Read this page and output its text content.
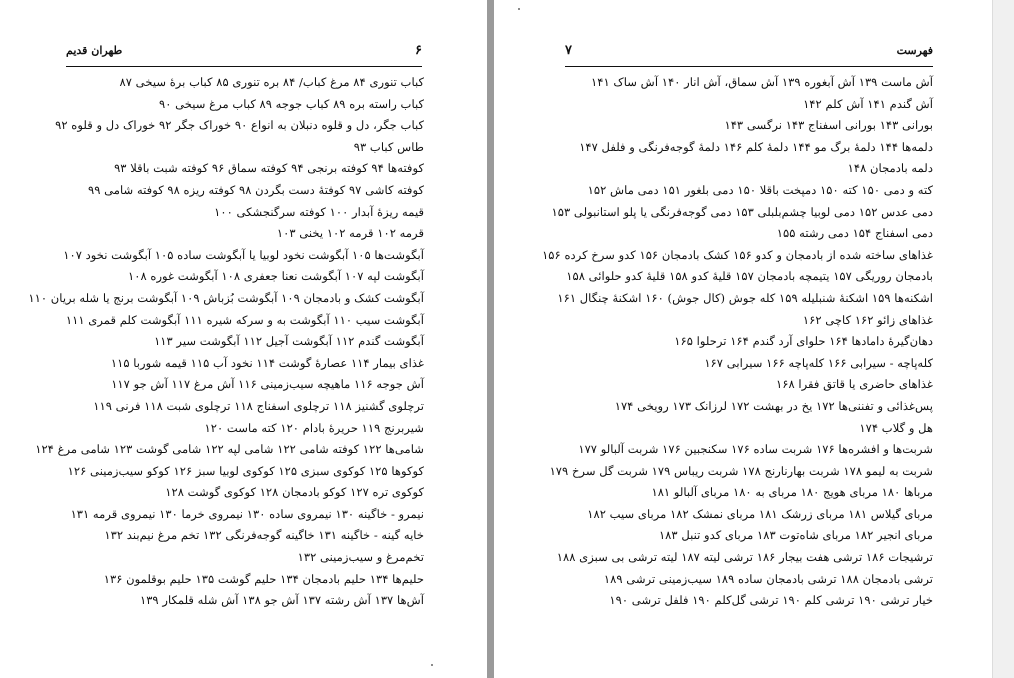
طهران قدیم	۶
کباب تنوری ۸۴ مرغ کباب/ ۸۴ بره تنوری ۸۵ کباب برهٔ سیخی ۸۷
کباب راسته بره ۸۹ کباب جوجه ۸۹ کباب مرغ سیخی ۹۰
کباب جگر، دل و قلوه دنبلان به انواع ۹۰ خوراک جگر ۹۲ خوراک دل و قلوه ۹۲
طاس کباب ۹۳
کوفته‌ها ۹۴ کوفته برنجی ۹۴ کوفته سماق ۹۶ کوفته شبت باقلا ۹۳
کوفته کاشی ۹۷ کوفتهٔ دست بگردن ۹۸ کوفته ریزه ۹۸ کوفته شامی ۹۹
قیمه ریزهٔ آبدار ۱۰۰ کوفته سرگنجشکی ۱۰۰
قرمه ۱۰۲ قرمه ۱۰۲ یخنی ۱۰۳
آبگوشت‌ها ۱۰۵ آبگوشت نخود لوبیا یا آبگوشت ساده ۱۰۵ آبگوشت نخود ۱۰۷
آبگوشت لپه ۱۰۷ آبگوشت نعنا جعفری ۱۰۸ آبگوشت غوره ۱۰۸
آبگوشت کشک و بادمجان ۱۰۹ آبگوشت بُزباش ۱۰۹ آبگوشت برنج یا شله بریان ۱۱۰
آبگوشت سیب ۱۱۰ آبگوشت به و سرکه شیره ۱۱۱ آبگوشت کلم قمری ۱۱۱
آبگوشت گندم ۱۱۲ آبگوشت آجیل ۱۱۲ آبگوشت سیر ۱۱۳
غذای بیمار ۱۱۴ عصارهٔ گوشت ۱۱۴ نخود آب ۱۱۵ قیمه شوربا ۱۱۵
آش جوجه ۱۱۶ ماهیچه سیب‌زمینی ۱۱۶ آش مرغ ۱۱۷ آش جو ۱۱۷
ترچلوی گشنیز ۱۱۸ ترچلوی اسفناج ۱۱۸ ترچلوی شبت ۱۱۸ فرنی ۱۱۹
شیربرنج ۱۱۹ حریرهٔ بادام ۱۲۰ کته ماست ۱۲۰
شامی‌ها ۱۲۲ کوفته شامی ۱۲۲ شامی لپه ۱۲۲ شامی گوشت ۱۲۳ شامی مرغ ۱۲۴
کوکوها ۱۲۵ کوکوی سبزی ۱۲۵ کوکوی لوبیا سبز ۱۲۶ کوکو سیب‌زمینی ۱۲۶
کوکوی تره ۱۲۷ کوکو بادمجان ۱۲۸ کوکوی گوشت ۱۲۸
نیمرو - خاگینه ۱۳۰ نیمروی ساده ۱۳۰ نیمروی خرما ۱۳۰ نیمروی قرمه ۱۳۱
خایه گینه - خاگینه ۱۳۱ خاگینه گوجه‌فرنگی ۱۳۲ تخم مرغ نیم‌بند ۱۳۲
تخم‌مرغ و سیب‌زمینی ۱۳۲
حلیم‌ها ۱۳۴ حلیم بادمجان ۱۳۴ حلیم گوشت ۱۳۵ حلیم بوقلمون ۱۳۶
آش‌ها ۱۳۷ آش رشته ۱۳۷ آش جو ۱۳۸ آش شله قلمکار ۱۳۹
۷	فهرست
آش ماست ۱۳۹ آش آبغوره ۱۳۹ آش سماق، آش انار ۱۴۰ آش ساک ۱۴۱
آش گندم ۱۴۱ آش کلم ۱۴۲
بورانی ۱۴۳ بورانی اسفناج ۱۴۳ نرگسی ۱۴۳
دلمه‌ها ۱۴۴ دلمهٔ برگ مو ۱۴۴ دلمهٔ کلم ۱۴۶ دلمهٔ گوجه‌فرنگی و فلفل ۱۴۷
دلمه بادمجان ۱۴۸
کته و دمی ۱۵۰ کته ۱۵۰ دمپخت باقلا ۱۵۰ دمی بلغور ۱۵۱ دمی ماش ۱۵۲
دمی عدس ۱۵۲ دمی لوبیا چشم‌بلبلی ۱۵۳ دمی گوجه‌فرنگی یا پلو استانبولی ۱۵۳
دمی اسفناج ۱۵۴ دمی رشته ۱۵۵
غذاهای ساخته شده از بادمجان و کدو ۱۵۶ کشک بادمجان ۱۵۶ کدو سرخ کرده ۱۵۶
بادمجان روریگی ۱۵۷ یتیمچه بادمجان ۱۵۷ قلیهٔ کدو ۱۵۸ قلیهٔ کدو حلوائی ۱۵۸
اشکنه‌ها ۱۵۹ اشکنهٔ شنبلیله ۱۵۹ کله جوش (کال جوش) ۱۶۰ اشکنهٔ چنگال ۱۶۱
غذاهای زائو ۱۶۲ کاچی ۱۶۲
دهان‌گیرهٔ دامادها ۱۶۴ حلوای آرد گندم ۱۶۴ ترحلوا ۱۶۵
کله‌پاچه - سیرابی ۱۶۶ کله‌پاچه ۱۶۶ سیرابی ۱۶۷
غذاهای حاضری یا قاتق فقرا ۱۶۸
پس‌غذائی و تفننی‌ها ۱۷۲ یخ در بهشت ۱۷۲ لرزانک ۱۷۳ رویخی ۱۷۴
هل و گلاب ۱۷۴
شربت‌ها و افشره‌ها ۱۷۶ شربت ساده ۱۷۶ سکنجبین ۱۷۶ شربت آلبالو ۱۷۷
شربت به لیمو ۱۷۸ شربت بهارنارنج ۱۷۸ شربت ریباس ۱۷۹ شربت گل سرخ ۱۷۹
مرباها ۱۸۰ مربای هویج ۱۸۰ مربای به ۱۸۰ مربای آلبالو ۱۸۱
مربای گیلاس ۱۸۱ مربای زرشک ۱۸۱ مربای نمشک ۱۸۲ مربای سیب ۱۸۲
مربای انجیر ۱۸۲ مربای شاه‌توت ۱۸۳ مربای کدو تنبل ۱۸۳
ترشیجات ۱۸۶ ترشی هفت بیجار ۱۸۶ ترشی لیته ۱۸۷ لیته ترشی بی سبزی ۱۸۸
ترشی بادمجان ۱۸۸ ترشی بادمجان ساده ۱۸۹ سیب‌زمینی ترشی ۱۸۹
خیار ترشی ۱۹۰ ترشی کلم ۱۹۰ ترشی گل‌کلم ۱۹۰ فلفل ترشی ۱۹۰
